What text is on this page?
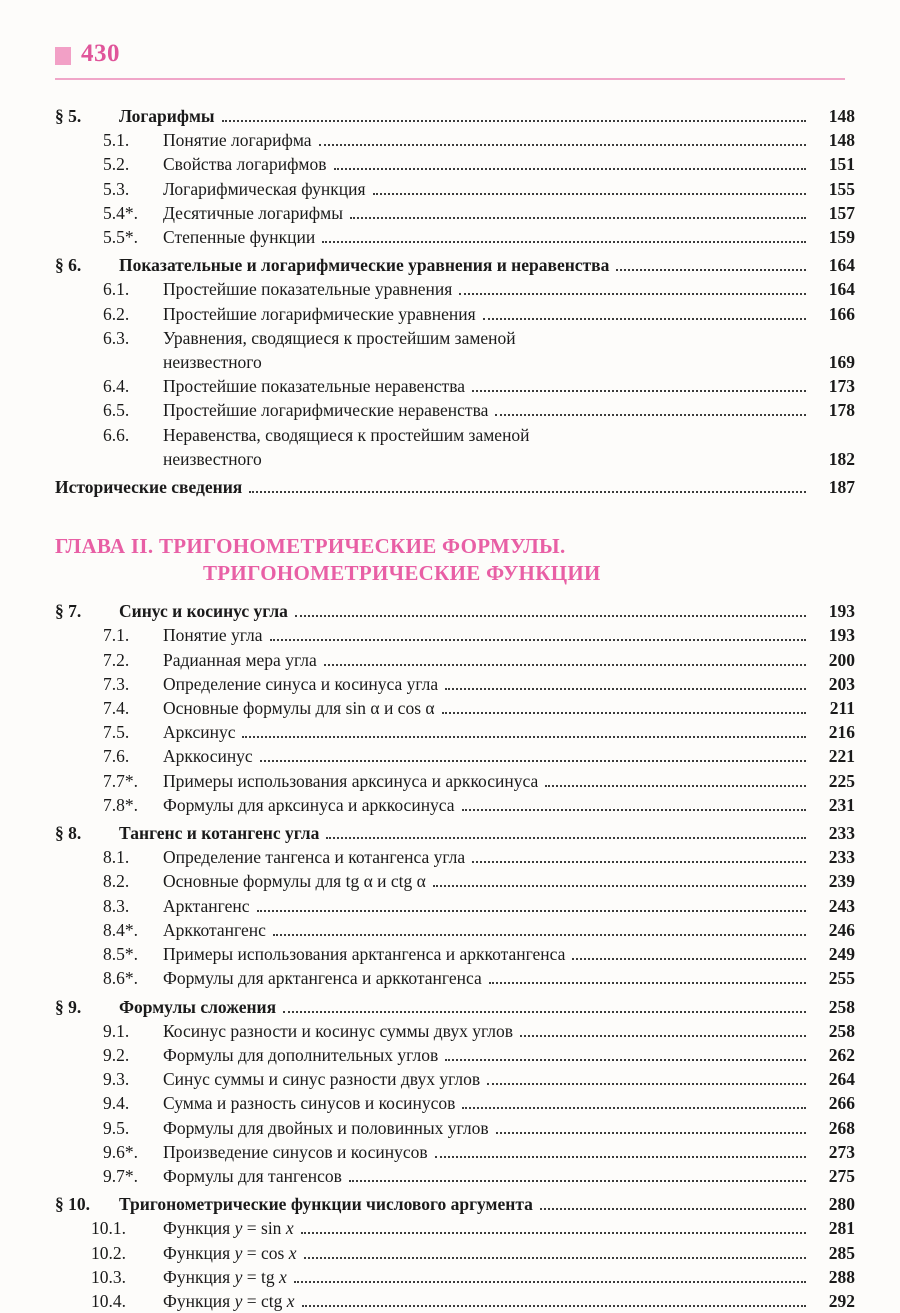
430
§ 5.	Логарифмы	148
5.1.	Понятие логарифма	148
5.2.	Свойства логарифмов	151
5.3.	Логарифмическая функция	155
5.4*.	Десятичные логарифмы	157
5.5*.	Степенные функции	159
§ 6.	Показательные и логарифмические уравнения и неравенства	164
6.1.	Простейшие показательные уравнения	164
6.2.	Простейшие логарифмические уравнения	166
6.3.	Уравнения, сводящиеся к простейшим заменой
неизвестного	169
6.4.	Простейшие показательные неравенства	173
6.5.	Простейшие логарифмические неравенства	178
6.6.	Неравенства, сводящиеся к простейшим заменой
неизвестного	182
Исторические сведения	187
ГЛАВА II. ТРИГОНОМЕТРИЧЕСКИЕ ФОРМУЛЫ.
ТРИГОНОМЕТРИЧЕСКИЕ ФУНКЦИИ
§ 7.	Синус и косинус угла	193
7.1.	Понятие угла	193
7.2.	Радианная мера угла	200
7.3.	Определение синуса и косинуса угла	203
7.4.	Основные формулы для sin α и cos α	211
7.5.	Арксинус	216
7.6.	Арккосинус	221
7.7*.	Примеры использования арксинуса и арккосинуса	225
7.8*.	Формулы для арксинуса и арккосинуса	231
§ 8.	Тангенс и котангенс угла	233
8.1.	Определение тангенса и котангенса угла	233
8.2.	Основные формулы для tg α и ctg α	239
8.3.	Арктангенс	243
8.4*.	Арккотангенс	246
8.5*.	Примеры использования арктангенса и арккотангенса	249
8.6*.	Формулы для арктангенса и арккотангенса	255
§ 9.	Формулы сложения	258
9.1.	Косинус разности и косинус суммы двух углов	258
9.2.	Формулы для дополнительных углов	262
9.3.	Синус суммы и синус разности двух углов	264
9.4.	Сумма и разность синусов и косинусов	266
9.5.	Формулы для двойных и половинных углов	268
9.6*.	Произведение синусов и косинусов	273
9.7*.	Формулы для тангенсов	275
§ 10.	Тригонометрические функции числового аргумента	280
10.1.	Функция y = sin x	281
10.2.	Функция y = cos x	285
10.3.	Функция y = tg x	288
10.4.	Функция y = ctg x	292
